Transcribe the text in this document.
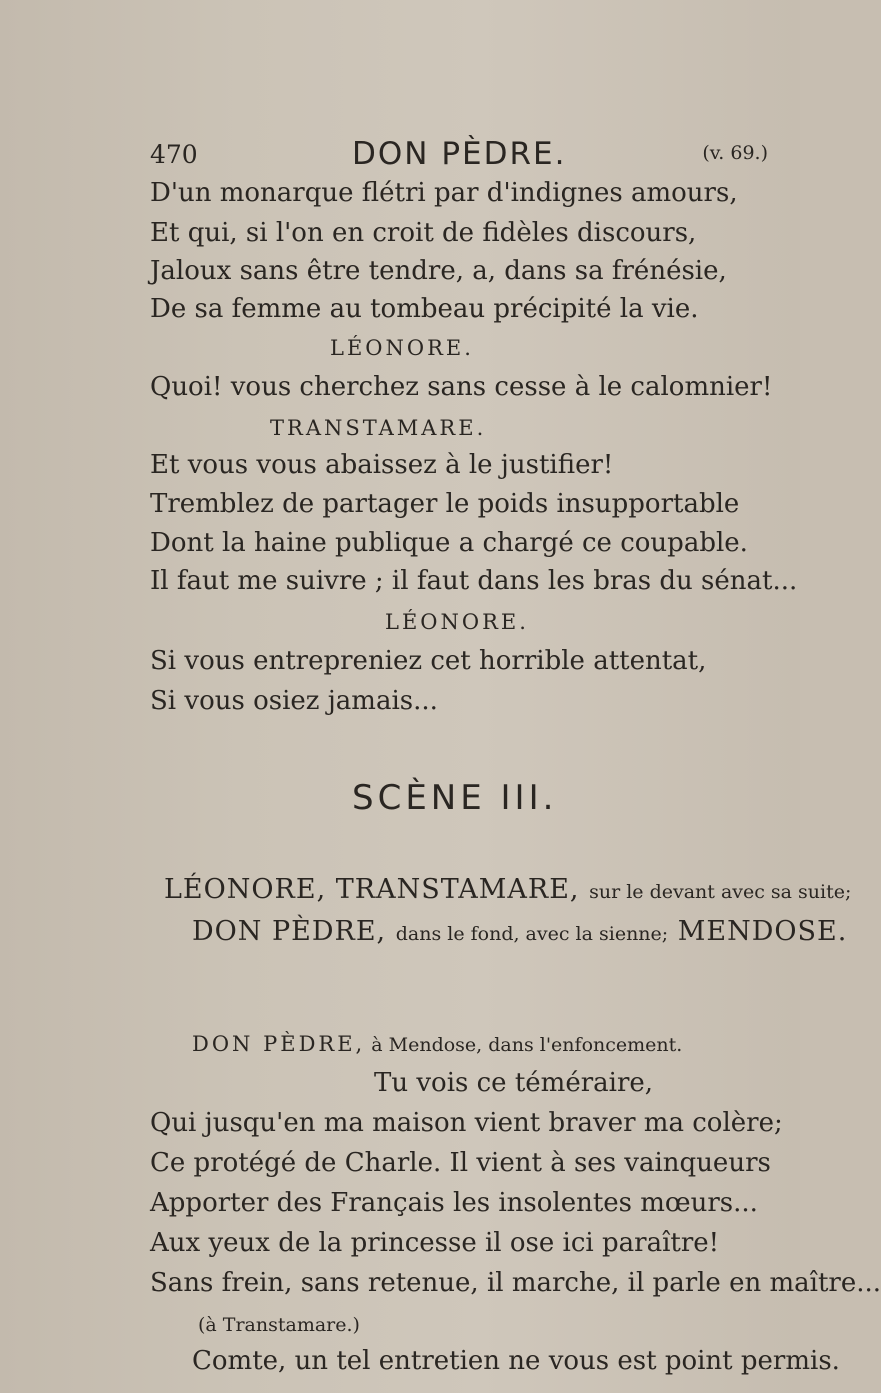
470	DON PÈDRE.	(v. 69.)
D'un monarque flétri par d'indignes amours,
Et qui, si l'on en croit de fidèles discours,
Jaloux sans être tendre, a, dans sa frénésie,
De sa femme au tombeau précipité la vie.
LÉONORE.
Quoi! vous cherchez sans cesse à le calomnier!
TRANSTAMARE.
Et vous vous abaissez à le justifier!
Tremblez de partager le poids insupportable
Dont la haine publique a chargé ce coupable.
Il faut me suivre ; il faut dans les bras du sénat...
LÉONORE.
Si vous entrepreniez cet horrible attentat,
Si vous osiez jamais...
SCÈNE III.
LÉONORE, TRANSTAMARE, sur le devant avec sa suite;
DON PÈDRE, dans le fond, avec la sienne; MENDOSE.
DON PÈDRE, à Mendose, dans l'enfoncement.
Tu vois ce téméraire,
Qui jusqu'en ma maison vient braver ma colère;
Ce protégé de Charle. Il vient à ses vainqueurs
Apporter des Français les insolentes mœurs...
Aux yeux de la princesse il ose ici paraître!
Sans frein, sans retenue, il marche, il parle en maître...
(à Transtamare.)
Comte, un tel entretien ne vous est point permis.
